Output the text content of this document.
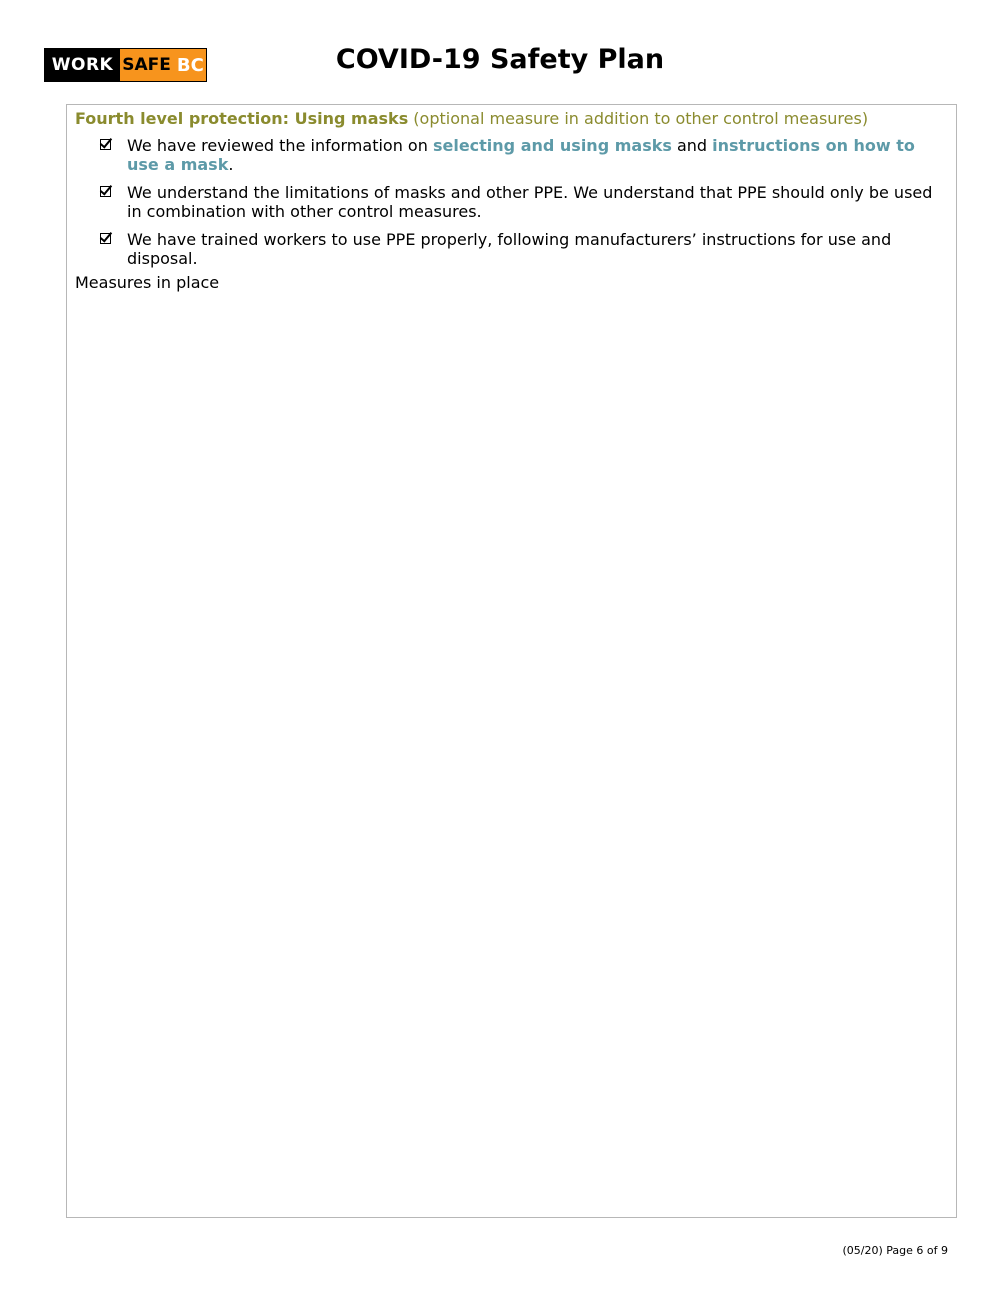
WORK SAFE BC	COVID-19 Safety Plan
Fourth level protection: Using masks (optional measure in addition to other control measures)
We have reviewed the information on selecting and using masks and instructions on how to use a mask.
We understand the limitations of masks and other PPE. We understand that PPE should only be used in combination with other control measures.
We have trained workers to use PPE properly, following manufacturers’ instructions for use and disposal.
Measures in place
(05/20) Page 6 of 9
